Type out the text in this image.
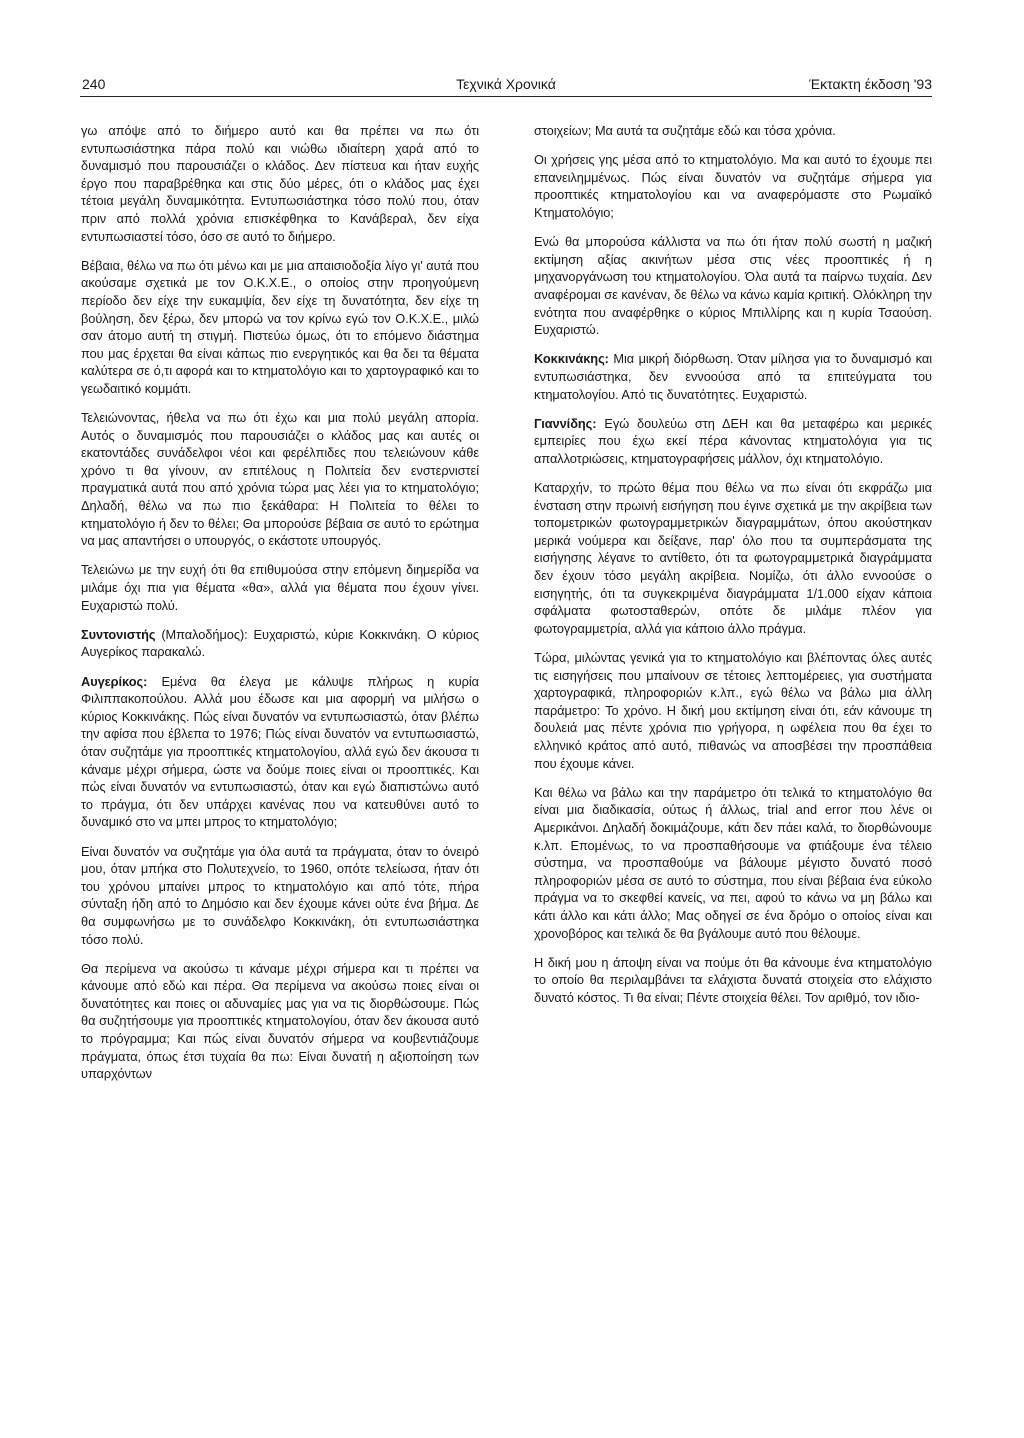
240	Τεχνικά Χρονικά	Έκτακτη έκδοση '93

γω απόψε από το διήμερο αυτό και θα πρέπει να πω ότι εντυπωσιάστηκα πάρα πολύ και νιώθω ιδιαίτερη χαρά από το δυναμισμό που παρουσιάζει ο κλάδος. Δεν πίστευα και ήταν ευχής έργο που παραβρέθηκα και στις δύο μέρες, ότι ο κλάδος μας έχει τέτοια μεγάλη δυναμικότητα. Εντυπωσιάστηκα τόσο πολύ που, όταν πριν από πολλά χρόνια επισκέφθηκα το Κανάβεραλ, δεν είχα εντυπωσιαστεί τόσο, όσο σε αυτό το διήμερο.

Βέβαια, θέλω να πω ότι μένω και με μια απαισιοδοξία λίγο γι' αυτά που ακούσαμε σχετικά με τον Ο.Κ.Χ.Ε., ο οποίος στην προηγούμενη περίοδο δεν είχε την ευκαμψία, δεν είχε τη δυνατότητα, δεν είχε τη βούληση, δεν ξέρω, δεν μπορώ να τον κρίνω εγώ τον Ο.Κ.Χ.Ε., μιλώ σαν άτομο αυτή τη στιγμή. Πιστεύω όμως, ότι το επόμενο διάστημα που μας έρχεται θα είναι κάπως πιο ενεργητικός και θα δει τα θέματα καλύτερα σε ό,τι αφορά και το κτηματολόγιο και το χαρτογραφικό και το γεωδαιτικό κομμάτι.

Τελειώνοντας, ήθελα να πω ότι έχω και μια πολύ μεγάλη απορία. Αυτός ο δυναμισμός που παρουσιάζει ο κλάδος μας και αυτές οι εκατοντάδες συνάδελφοι νέοι και φερέλπιδες που τελειώνουν κάθε χρόνο τι θα γίνουν, αν επιτέλους η Πολιτεία δεν ενστερνιστεί πραγματικά αυτά που από χρόνια τώρα μας λέει για το κτηματολόγιο; Δηλαδή, θέλω να πω πιο ξεκάθαρα: Η Πολιτεία το θέλει το κτηματολόγιο ή δεν το θέλει; Θα μπορούσε βέβαια σε αυτό το ερώτημα να μας απαντήσει ο υπουργός, ο εκάστοτε υπουργός.

Τελειώνω με την ευχή ότι θα επιθυμούσα στην επόμενη διημερίδα να μιλάμε όχι πια για θέματα «θα», αλλά για θέματα που έχουν γίνει. Ευχαριστώ πολύ.

Συντονιστής (Μπαλοδήμος): Ευχαριστώ, κύριε Κοκκινάκη. Ο κύριος Αυγερίκος παρακαλώ.

Αυγερίκος: Εμένα θα έλεγα με κάλυψε πλήρως η κυρία Φιλιππακοπούλου. Αλλά μου έδωσε και μια αφορμή να μιλήσω ο κύριος Κοκκινάκης. Πώς είναι δυνατόν να εντυπωσιαστώ, όταν βλέπω την αφίσα που έβλεπα το 1976; Πώς είναι δυνατόν να εντυπωσιαστώ, όταν συζητάμε για προοπτικές κτηματολογίου, αλλά εγώ δεν άκουσα τι κάναμε μέχρι σήμερα, ώστε να δούμε ποιες είναι οι προοπτικές. Και πώς είναι δυνατόν να εντυπωσιαστώ, όταν και εγώ διαπιστώνω αυτό το πράγμα, ότι δεν υπάρχει κανένας που να κατευθύνει αυτό το δυναμικό στο να μπει μπρος το κτηματολόγιο;

Είναι δυνατόν να συζητάμε για όλα αυτά τα πράγματα, όταν το όνειρό μου, όταν μπήκα στο Πολυτεχνείο, το 1960, οπότε τελείωσα, ήταν ότι του χρόνου μπαίνει μπρος το κτηματολόγιο και από τότε, πήρα σύνταξη ήδη από το Δημόσιο και δεν έχουμε κάνει ούτε ένα βήμα. Δε θα συμφωνήσω με το συνάδελφο Κοκκινάκη, ότι εντυπωσιάστηκα τόσο πολύ.

Θα περίμενα να ακούσω τι κάναμε μέχρι σήμερα και τι πρέπει να κάνουμε από εδώ και πέρα. Θα περίμενα να ακούσω ποιες είναι οι δυνατότητες και ποιες οι αδυναμίες μας για να τις διορθώσουμε. Πώς θα συζητήσουμε για προοπτικές κτηματολογίου, όταν δεν άκουσα αυτό το πρόγραμμα; Και πώς είναι δυνατόν σήμερα να κουβεντιάζουμε πράγματα, όπως έτσι τυχαία θα πω: Είναι δυνατή η αξιοποίηση των υπαρχόντων

στοιχείων; Μα αυτά τα συζητάμε εδώ και τόσα χρόνια.

Οι χρήσεις γης μέσα από το κτηματολόγιο. Μα και αυτό το έχουμε πει επανειλημμένως. Πώς είναι δυνατόν να συζητάμε σήμερα για προοπτικές κτηματολογίου και να αναφερόμαστε στο Ρωμαϊκό Κτηματολόγιο;

Ενώ θα μπορούσα κάλλιστα να πω ότι ήταν πολύ σωστή η μαζική εκτίμηση αξίας ακινήτων μέσα στις νέες προοπτικές ή η μηχανοργάνωση του κτηματολογίου. Όλα αυτά τα παίρνω τυχαία. Δεν αναφέρομαι σε κανέναν, δε θέλω να κάνω καμία κριτική. Ολόκληρη την ενότητα που αναφέρθηκε ο κύριος Μπιλλίρης και η κυρία Τσαούση. Ευχαριστώ.

Κοκκινάκης: Μια μικρή διόρθωση. Όταν μίλησα για το δυναμισμό και εντυπωσιάστηκα, δεν εννοούσα από τα επιτεύγματα του κτηματολογίου. Από τις δυνατότητες. Ευχαριστώ.

Γιαννίδης: Εγώ δουλεύω στη ΔΕΗ και θα μεταφέρω και μερικές εμπειρίες που έχω εκεί πέρα κάνοντας κτηματολόγια για τις απαλλοτριώσεις, κτηματογραφήσεις μάλλον, όχι κτηματολόγιο.

Καταρχήν, το πρώτο θέμα που θέλω να πω είναι ότι εκφράζω μια ένσταση στην πρωινή εισήγηση που έγινε σχετικά με την ακρίβεια των τοπομετρικών φωτογραμμετρικών διαγραμμάτων, όπου ακούστηκαν μερικά νούμερα και δείξανε, παρ' όλο που τα συμπεράσματα της εισήγησης λέγανε το αντίθετο, ότι τα φωτογραμμετρικά διαγράμματα δεν έχουν τόσο μεγάλη ακρίβεια. Νομίζω, ότι άλλο εννοούσε ο εισηγητής, ότι τα συγκεκριμένα διαγράμματα 1/1.000 είχαν κάποια σφάλματα φωτοσταθερών, οπότε δε μιλάμε πλέον για φωτογραμμετρία, αλλά για κάποιο άλλο πράγμα.

Τώρα, μιλώντας γενικά για το κτηματολόγιο και βλέποντας όλες αυτές τις εισηγήσεις που μπαίνουν σε τέτοιες λεπτομέρειες, για συστήματα χαρτογραφικά, πληροφοριών κ.λπ., εγώ θέλω να βάλω μια άλλη παράμετρο: Το χρόνο. Η δική μου εκτίμηση είναι ότι, εάν κάνουμε τη δουλειά μας πέντε χρόνια πιο γρήγορα, η ωφέλεια που θα έχει το ελληνικό κράτος από αυτό, πιθανώς να αποσβέσει την προσπάθεια που έχουμε κάνει.

Και θέλω να βάλω και την παράμετρο ότι τελικά το κτηματολόγιο θα είναι μια διαδικασία, ούτως ή άλλως, trial and error που λένε οι Αμερικάνοι. Δηλαδή δοκιμάζουμε, κάτι δεν πάει καλά, το διορθώνουμε κ.λπ. Επομένως, το να προσπαθήσουμε να φτιάξουμε ένα τέλειο σύστημα, να προσπαθούμε να βάλουμε μέγιστο δυνατό ποσό πληροφοριών μέσα σε αυτό το σύστημα, που είναι βέβαια ένα εύκολο πράγμα να το σκεφθεί κανείς, να πει, αφού το κάνω να μη βάλω και κάτι άλλο και κάτι άλλο; Μας οδηγεί σε ένα δρόμο ο οποίος είναι και χρονοβόρος και τελικά δε θα βγάλουμε αυτό που θέλουμε.

Η δική μου η άποψη είναι να πούμε ότι θα κάνουμε ένα κτηματολόγιο το οποίο θα περιλαμβάνει τα ελάχιστα δυνατά στοιχεία στο ελάχιστο δυνατό κόστος. Τι θα είναι; Πέντε στοιχεία θέλει. Τον αριθμό, τον ιδιο-
